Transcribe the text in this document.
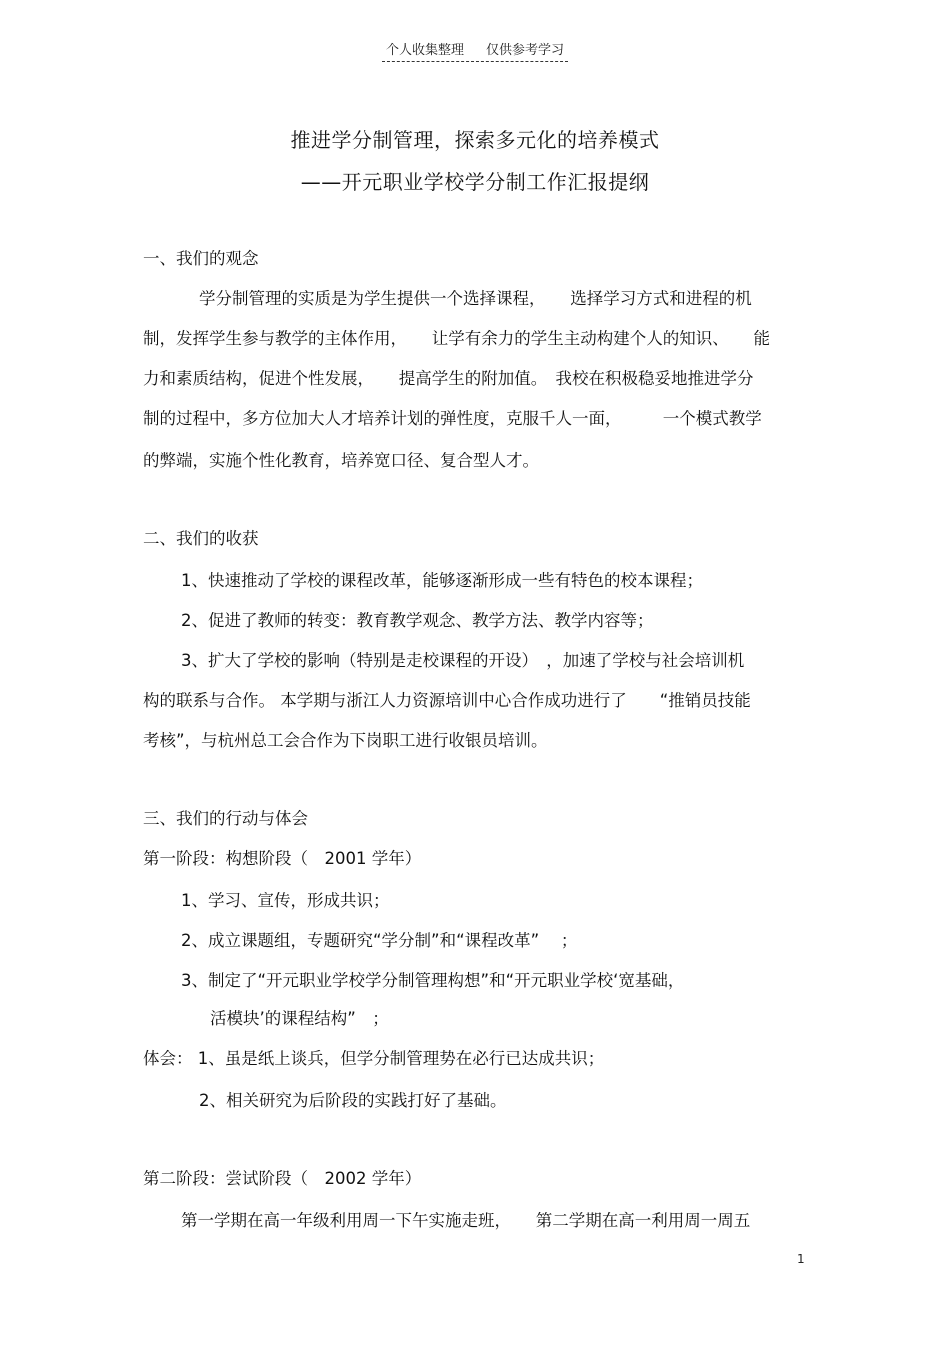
个人收集整理 仅供参考学习
推进学分制管理，探索多元化的培养模式
——开元职业学校学分制工作汇报提纲
一、我们的观念
学分制管理的实质是为学生提供一个选择课程，　　选择学习方式和进程的机
制，发挥学生参与教学的主体作用，　　让学有余力的学生主动构建个人的知识、　　能
力和素质结构，促进个性发展，　　提高学生的附加值。　我校在积极稳妥地推进学分
制的过程中，多方位加大人才培养计划的弹性度，克服千人一面，　　　一个模式教学
的弊端，实施个性化教育，培养宽口径、复合型人才。
二、我们的收获
1、快速推动了学校的课程改革，能够逐渐形成一些有特色的校本课程；
2、促进了教师的转变：教育教学观念、教学方法、教学内容等；
3、扩大了学校的影响（特别是走校课程的开设）　，加速了学校与社会培训机
构的联系与合作。 本学期与浙江人力资源培训中心合作成功进行了　　“推销员技能
考核”，与杭州总工会合作为下岗职工进行收银员培训。
三、我们的行动与体会
第一阶段：构想阶段（　2001 学年）
1、学习、宣传，形成共识；
2、成立课题组，专题研究“学分制”和“课程改革”　 ；
3、制定了“开元职业学校学分制管理构想”和“开元职业学校‘宽基础，
活模块’的课程结构”　；
体会： 1、虽是纸上谈兵，但学分制管理势在必行已达成共识；
2、相关研究为后阶段的实践打好了基础。
第二阶段：尝试阶段（　2002 学年）
第一学期在高一年级利用周一下午实施走班，　　第二学期在高一利用周一周五
1
